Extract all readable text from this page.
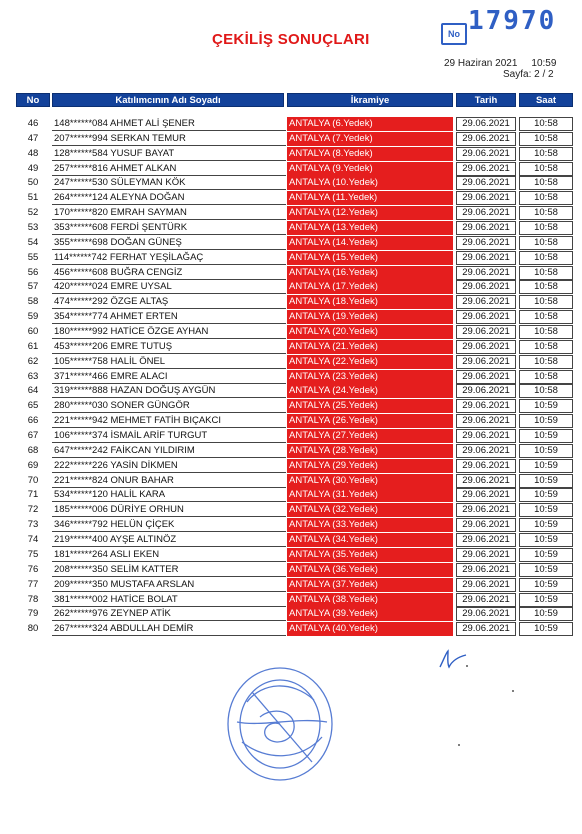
ÇEKİLİŞ SONUÇLARI	No 17970
29 Haziran 2021 10:59
Sayfa: 2 / 2
No	Katılımcının Adı Soyadı	İkramiye	Tarih	Saat
46	148******084 AHMET ALİ ŞENER	ANTALYA (6.Yedek)	29.06.2021	10:58
47	207******994 SERKAN TEMUR	ANTALYA (7.Yedek)	29.06.2021	10:58
48	128******584 YUSUF BAYAT	ANTALYA (8.Yedek)	29.06.2021	10:58
49	257******816 AHMET ALKAN	ANTALYA (9.Yedek)	29.06.2021	10:58
50	247******530 SÜLEYMAN KÖK	ANTALYA (10.Yedek)	29.06.2021	10:58
51	264******124 ALEYNA DOĞAN	ANTALYA (11.Yedek)	29.06.2021	10:58
52	170******820 EMRAH SAYMAN	ANTALYA (12.Yedek)	29.06.2021	10:58
53	353******608 FERDİ ŞENTÜRK	ANTALYA (13.Yedek)	29.06.2021	10:58
54	355******698 DOĞAN GÜNEŞ	ANTALYA (14.Yedek)	29.06.2021	10:58
55	114******742 FERHAT YEŞİLAĞAÇ	ANTALYA (15.Yedek)	29.06.2021	10:58
56	456******608 BUĞRA CENGİZ	ANTALYA (16.Yedek)	29.06.2021	10:58
57	420******024 EMRE UYSAL	ANTALYA (17.Yedek)	29.06.2021	10:58
58	474******292 ÖZGE ALTAŞ	ANTALYA (18.Yedek)	29.06.2021	10:58
59	354******774 AHMET ERTEN	ANTALYA (19.Yedek)	29.06.2021	10:58
60	180******992 HATİCE ÖZGE AYHAN	ANTALYA (20.Yedek)	29.06.2021	10:58
61	453******206 EMRE TUTUŞ	ANTALYA (21.Yedek)	29.06.2021	10:58
62	105******758 HALİL ÖNEL	ANTALYA (22.Yedek)	29.06.2021	10:58
63	371******466 EMRE ALACI	ANTALYA (23.Yedek)	29.06.2021	10:58
64	319******888 HAZAN DOĞUŞ AYGÜN	ANTALYA (24.Yedek)	29.06.2021	10:58
65	280******030 SONER GÜNGÖR	ANTALYA (25.Yedek)	29.06.2021	10:59
66	221******942 MEHMET FATİH BIÇAKCI	ANTALYA (26.Yedek)	29.06.2021	10:59
67	106******374 İSMAİL ARİF TURGUT	ANTALYA (27.Yedek)	29.06.2021	10:59
68	647******242 FAİKCAN YILDIRIM	ANTALYA (28.Yedek)	29.06.2021	10:59
69	222******226 YASİN DİKMEN	ANTALYA (29.Yedek)	29.06.2021	10:59
70	221******824 ONUR BAHAR	ANTALYA (30.Yedek)	29.06.2021	10:59
71	534******120 HALİL KARA	ANTALYA (31.Yedek)	29.06.2021	10:59
72	185******006 DÜRİYE ORHUN	ANTALYA (32.Yedek)	29.06.2021	10:59
73	346******792 HELÜN ÇİÇEK	ANTALYA (33.Yedek)	29.06.2021	10:59
74	219******400 AYŞE ALTINÖZ	ANTALYA (34.Yedek)	29.06.2021	10:59
75	181******264 ASLI EKEN	ANTALYA (35.Yedek)	29.06.2021	10:59
76	208******350 SELİM KATTER	ANTALYA (36.Yedek)	29.06.2021	10:59
77	209******350 MUSTAFA ARSLAN	ANTALYA (37.Yedek)	29.06.2021	10:59
78	381******002 HATİCE BOLAT	ANTALYA (38.Yedek)	29.06.2021	10:59
79	262******976 ZEYNEP ATİK	ANTALYA (39.Yedek)	29.06.2021	10:59
80	267******324 ABDULLAH DEMİR	ANTALYA (40.Yedek)	29.06.2021	10:59
